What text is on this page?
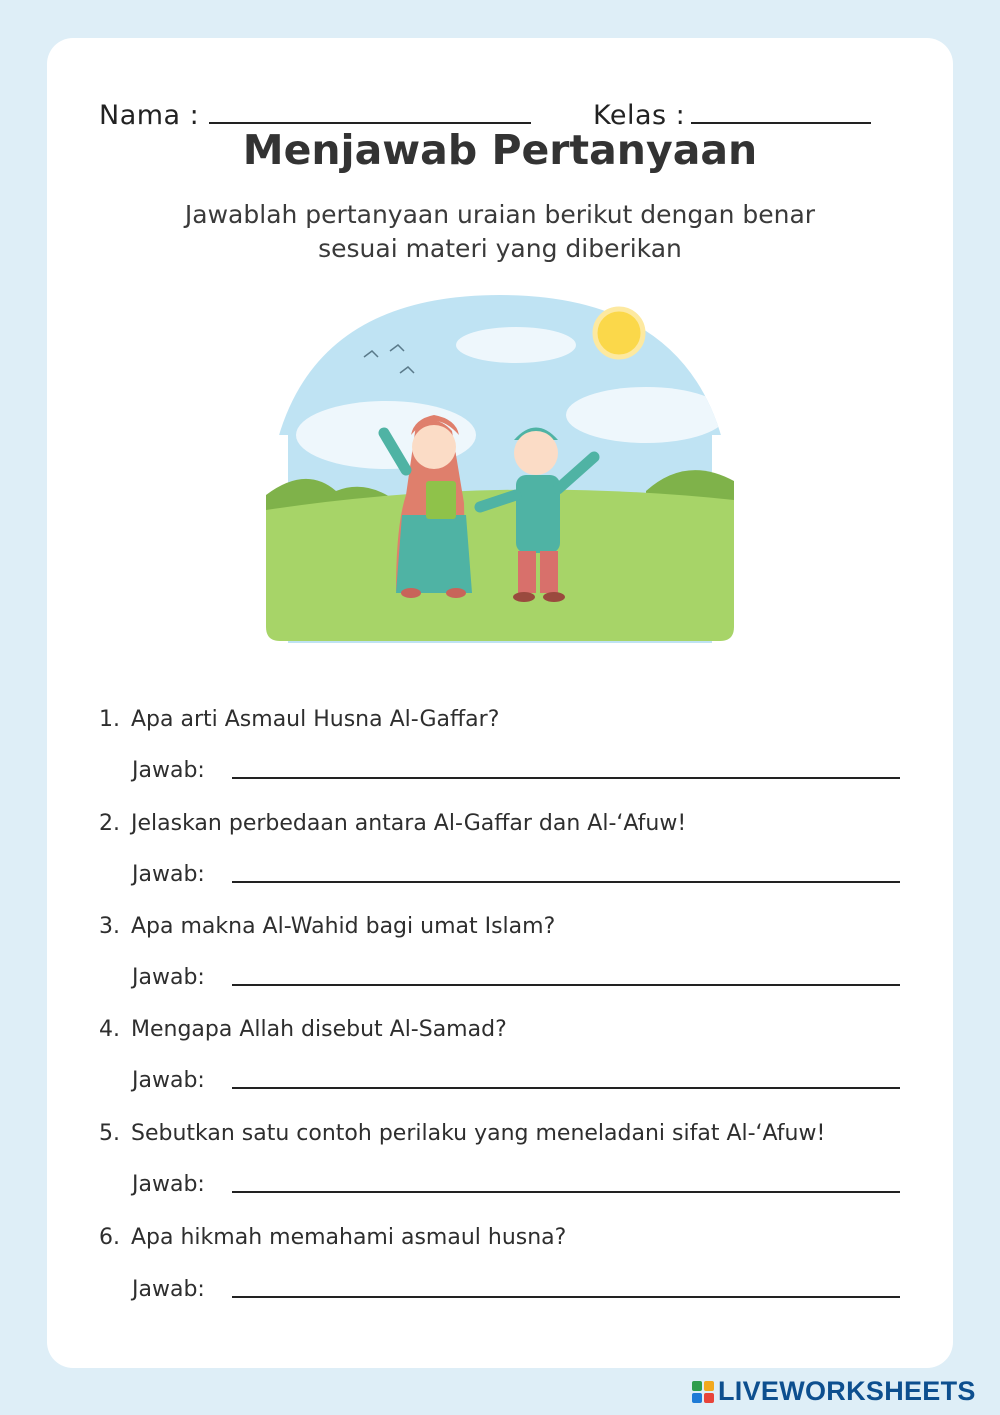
Nama :	Kelas :
Menjawab Pertanyaan
Jawablah pertanyaan uraian berikut dengan benar
sesuai materi yang diberikan
1. Apa arti Asmaul Husna Al-Gaffar?
Jawab:
2. Jelaskan perbedaan antara Al-Gaffar dan Al-‘Afuw!
Jawab:
3. Apa makna Al-Wahid bagi umat Islam?
Jawab:
4. Mengapa Allah disebut Al-Samad?
Jawab:
5. Sebutkan satu contoh perilaku yang meneladani sifat Al-‘Afuw!
Jawab:
6. Apa hikmah memahami asmaul husna?
Jawab:
LIVEWORKSHEETS
